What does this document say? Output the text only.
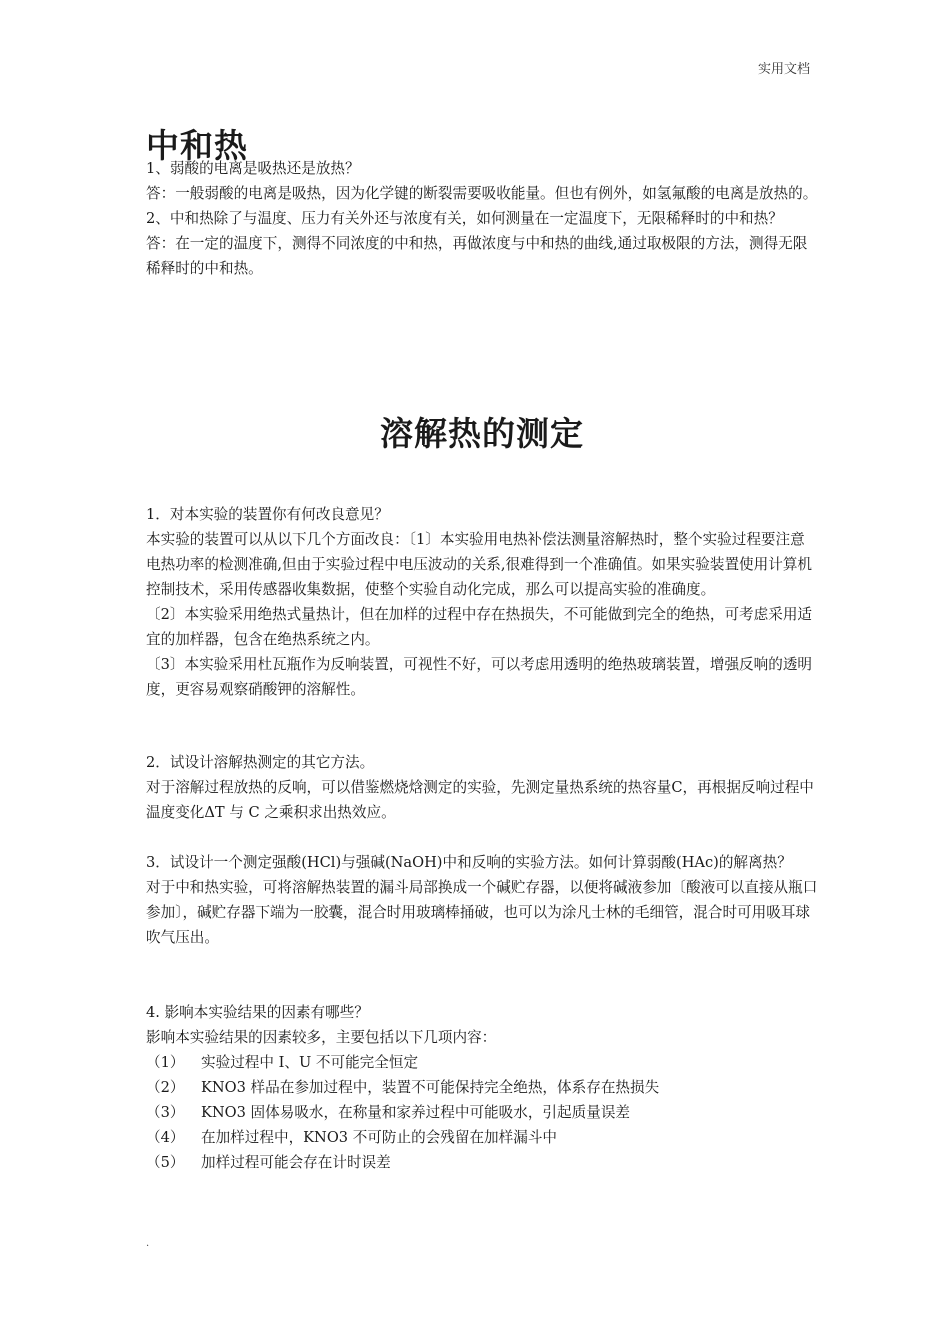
实用文档
中和热

1、弱酸的电离是吸热还是放热？

答：一般弱酸的电离是吸热，因为化学键的断裂需要吸收能量。但也有例外，如氢氟酸的电离是放热的。

2、中和热除了与温度、压力有关外还与浓度有关，如何测量在一定温度下，无限稀释时的中和热？

答：在一定的温度下，测得不同浓度的中和热，再做浓度与中和热的曲线,通过取极限的方法，测得无限稀释时的中和热。

溶解热的测定

1．对本实验的装置你有何改良意见？

本实验的装置可以从以下几个方面改良：〔1〕本实验用电热补偿法测量溶解热时，整个实验过程要注意电热功率的检测准确,但由于实验过程中电压波动的关系,很难得到一个准确值。如果实验装置使用计算机控制技术，采用传感器收集数据，使整个实验自动化完成，那么可以提高实验的准确度。

〔2〕本实验采用绝热式量热计，但在加样的过程中存在热损失，不可能做到完全的绝热，可考虑采用适宜的加样器，包含在绝热系统之内。

〔3〕本实验采用杜瓦瓶作为反响装置，可视性不好，可以考虑用透明的绝热玻璃装置，增强反响的透明度，更容易观察硝酸钾的溶解性。

2．试设计溶解热测定的其它方法。

对于溶解过程放热的反响，可以借鉴燃烧焓测定的实验，先测定量热系统的热容量C，再根据反响过程中温度变化ΔT 与 C 之乘积求出热效应。

3．试设计一个测定强酸(HCl)与强碱(NaOH)中和反响的实验方法。如何计算弱酸(HAc)的解离热？

对于中和热实验，可将溶解热装置的漏斗局部换成一个碱贮存器，以便将碱液参加〔酸液可以直接从瓶口参加〕，碱贮存器下端为一胶囊，混合时用玻璃棒捅破，也可以为涂凡士林的毛细管，混合时可用吸耳球吹气压出。

4. 影响本实验结果的因素有哪些？

影响本实验结果的因素较多，主要包括以下几项内容：

（1）	实验过程中 I、U 不可能完全恒定
（2）	KNO3 样品在参加过程中，装置不可能保持完全绝热，体系存在热损失
（3）	KNO3 固体易吸水，在称量和家养过程中可能吸水，引起质量误差
（4）	在加样过程中，KNO3 不可防止的会残留在加样漏斗中
（5）	加样过程可能会存在计时误差
.
